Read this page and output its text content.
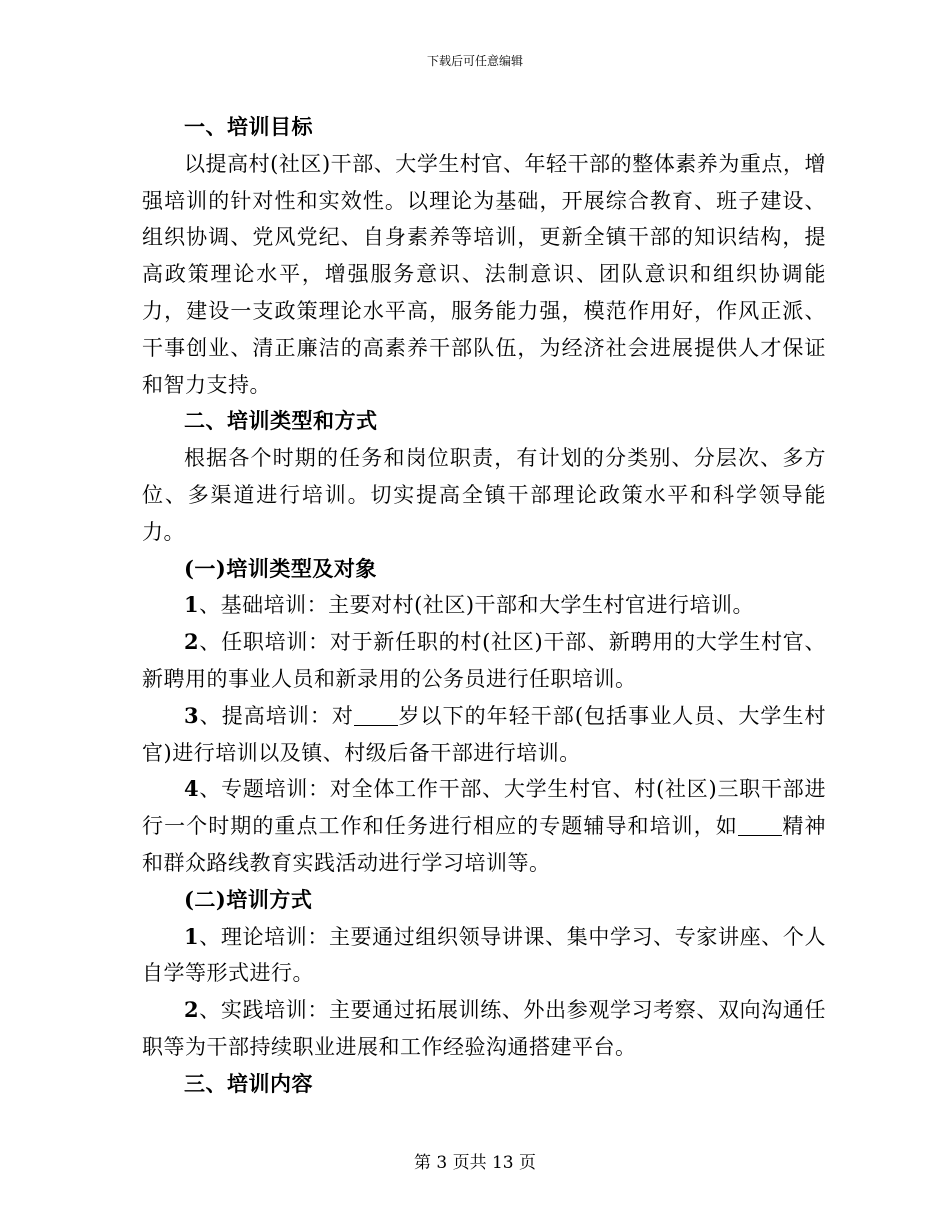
下载后可任意编辑

一、培训目标

以提高村(社区)干部、大学生村官、年轻干部的整体素养为重点，增强培训的针对性和实效性。以理论为基础，开展综合教育、班子建设、组织协调、党风党纪、自身素养等培训，更新全镇干部的知识结构，提高政策理论水平，增强服务意识、法制意识、团队意识和组织协调能力，建设一支政策理论水平高，服务能力强，模范作用好，作风正派、干事创业、清正廉洁的高素养干部队伍，为经济社会进展提供人才保证和智力支持。

二、培训类型和方式

根据各个时期的任务和岗位职责，有计划的分类别、分层次、多方位、多渠道进行培训。切实提高全镇干部理论政策水平和科学领导能力。

(一)培训类型及对象

1、基础培训：主要对村(社区)干部和大学生村官进行培训。

2、任职培训：对于新任职的村(社区)干部、新聘用的大学生村官、新聘用的事业人员和新录用的公务员进行任职培训。

3、提高培训：对 岁以下的年轻干部(包括事业人员、大学生村官)进行培训以及镇、村级后备干部进行培训。

4、专题培训：对全体工作干部、大学生村官、村(社区)三职干部进行一个时期的重点工作和任务进行相应的专题辅导和培训，如 精神和群众路线教育实践活动进行学习培训等。

(二)培训方式

1、理论培训：主要通过组织领导讲课、集中学习、专家讲座、个人自学等形式进行。

2、实践培训：主要通过拓展训练、外出参观学习考察、双向沟通任职等为干部持续职业进展和工作经验沟通搭建平台。

三、培训内容

第 3 页共 13 页
